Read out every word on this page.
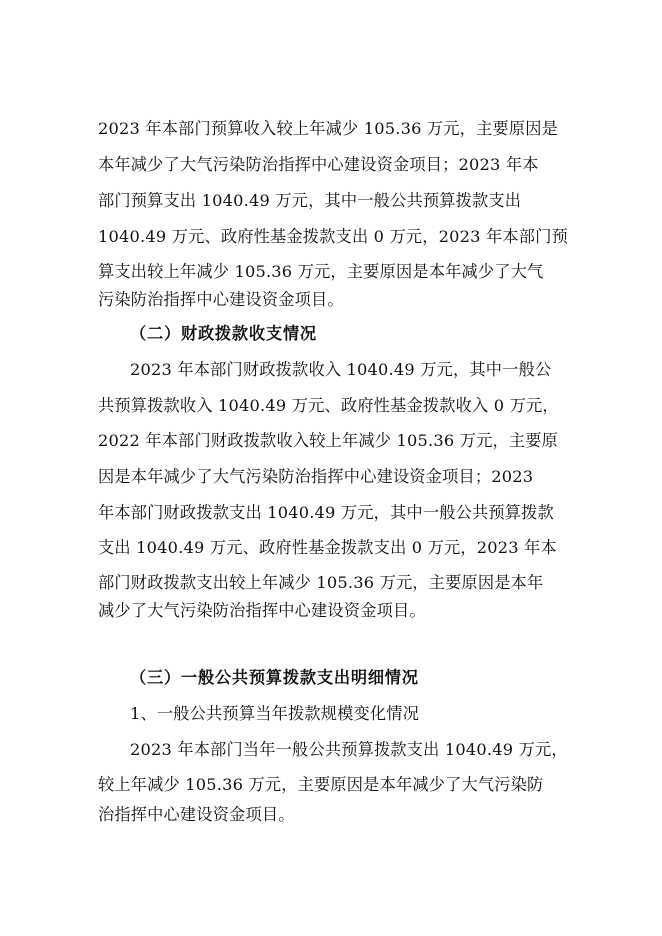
2023 年本部门预算收入较上年减少 105.36 万元，主要原因是
本年减少了大气污染防治指挥中心建设资金项目；2023 年本
部门预算支出 1040.49 万元，其中一般公共预算拨款支出
1040.49 万元、政府性基金拨款支出 0 万元，2023 年本部门预
算支出较上年减少 105.36 万元，主要原因是本年减少了大气
污染防治指挥中心建设资金项目。
（二）财政拨款收支情况
2023 年本部门财政拨款收入 1040.49 万元，其中一般公
共预算拨款收入 1040.49 万元、政府性基金拨款收入 0 万元，
2022 年本部门财政拨款收入较上年减少 105.36 万元，主要原
因是本年减少了大气污染防治指挥中心建设资金项目；2023
年本部门财政拨款支出 1040.49 万元，其中一般公共预算拨款
支出 1040.49 万元、政府性基金拨款支出 0 万元，2023 年本
部门财政拨款支出较上年减少 105.36 万元，主要原因是本年
减少了大气污染防治指挥中心建设资金项目。
（三）一般公共预算拨款支出明细情况
1、一般公共预算当年拨款规模变化情况
2023 年本部门当年一般公共预算拨款支出 1040.49 万元，
较上年减少 105.36 万元，主要原因是本年减少了大气污染防
治指挥中心建设资金项目。
